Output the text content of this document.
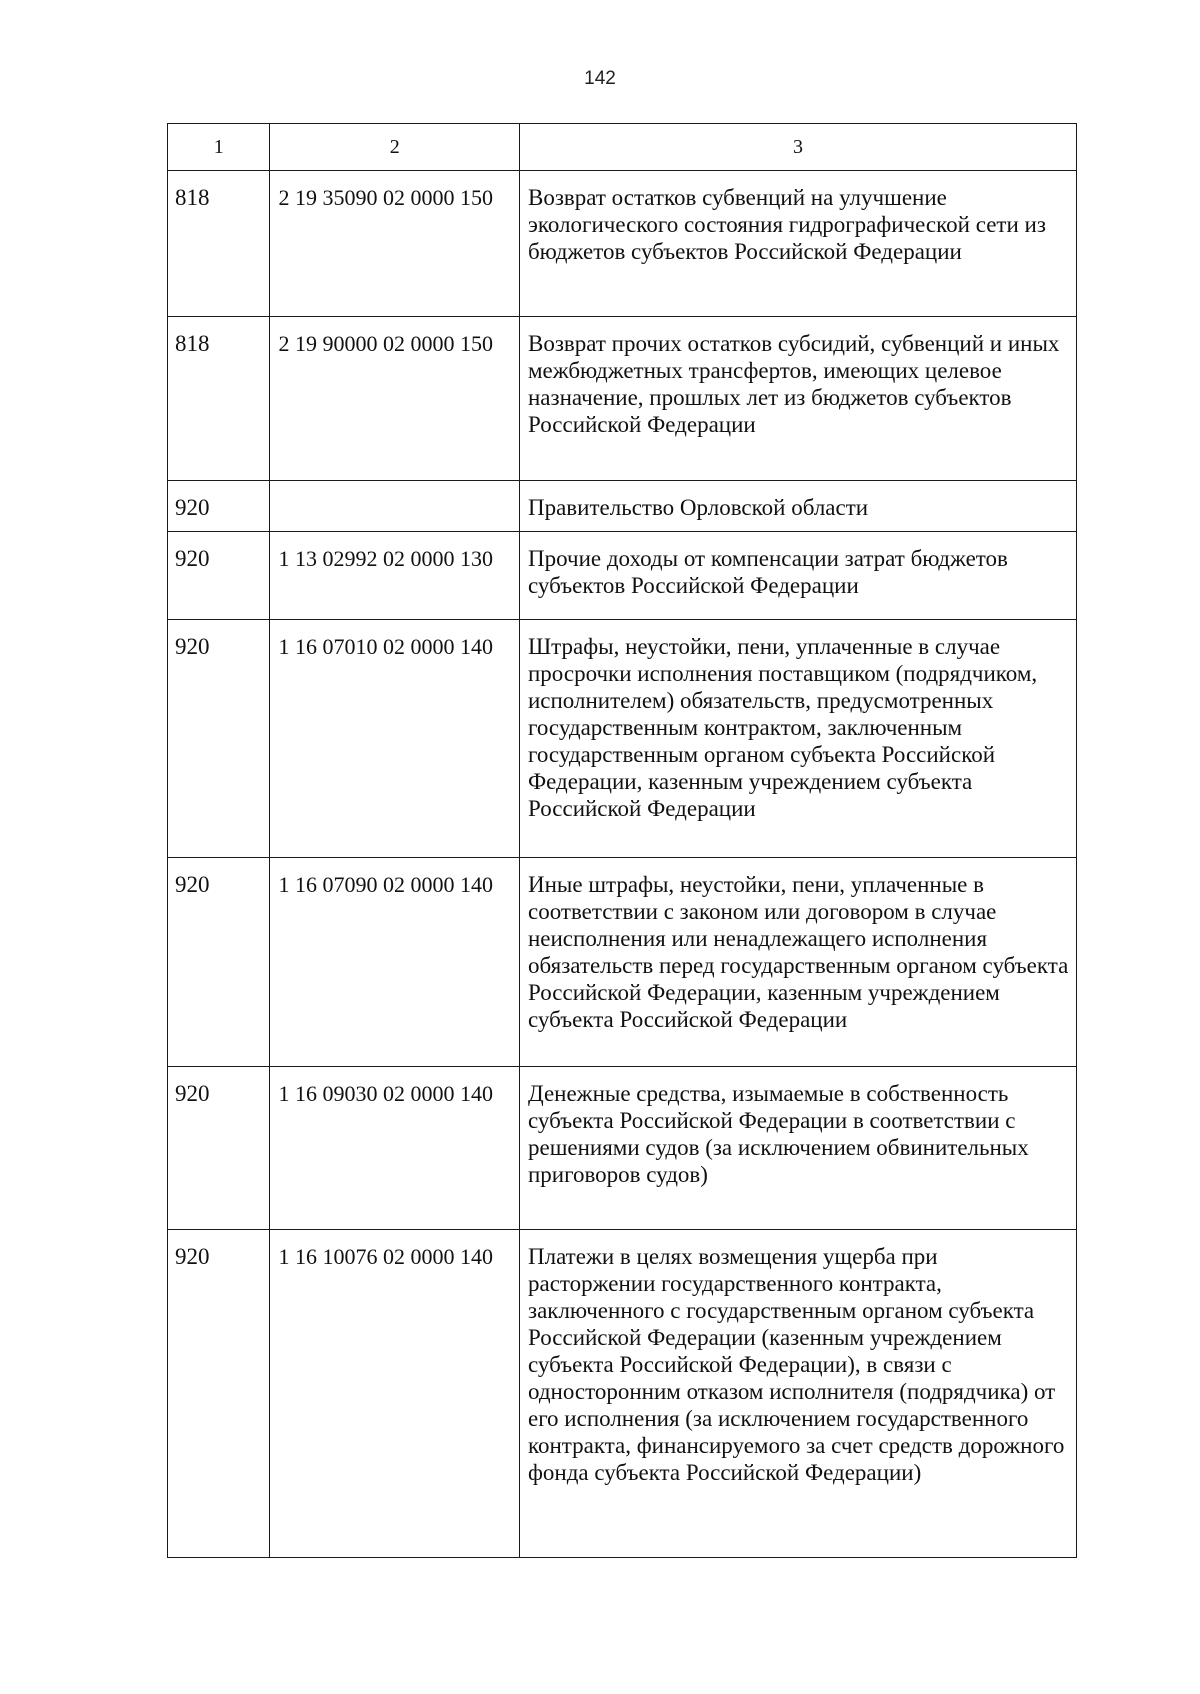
142
1	2	3
818	2 19 35090 02 0000 150	Возврат остатков субвенций на улучшение экологического состояния гидрографической сети из бюджетов субъектов Российской Федерации
818	2 19 90000 02 0000 150	Возврат прочих остатков субсидий, субвенций и иных межбюджетных трансфертов, имеющих целевое назначение, прошлых лет из бюджетов субъектов Российской Федерации
920		Правительство Орловской области
920	1 13 02992 02 0000 130	Прочие доходы от компенсации затрат бюджетов субъектов Российской Федерации
920	1 16 07010 02 0000 140	Штрафы, неустойки, пени, уплаченные в случае просрочки исполнения поставщиком (подрядчиком, исполнителем) обязательств, предусмотренных государственным контрактом, заключенным государственным органом субъекта Российской Федерации, казенным учреждением субъекта Российской Федерации
920	1 16 07090 02 0000 140	Иные штрафы, неустойки, пени, уплаченные в соответствии с законом или договором в случае неисполнения или ненадлежащего исполнения обязательств перед государственным органом субъекта Российской Федерации, казенным учреждением субъекта Российской Федерации
920	1 16 09030 02 0000 140	Денежные средства, изымаемые в собственность субъекта Российской Федерации в соответствии с решениями судов (за исключением обвинительных приговоров судов)
920	1 16 10076 02 0000 140	Платежи в целях возмещения ущерба при расторжении государственного контракта, заключенного с государственным органом субъекта Российской Федерации (казенным учреждением субъекта Российской Федерации), в связи с односторонним отказом исполнителя (подрядчика) от его исполнения (за исключением государственного контракта, финансируемого за счет средств дорожного фонда субъекта Российской Федерации)
